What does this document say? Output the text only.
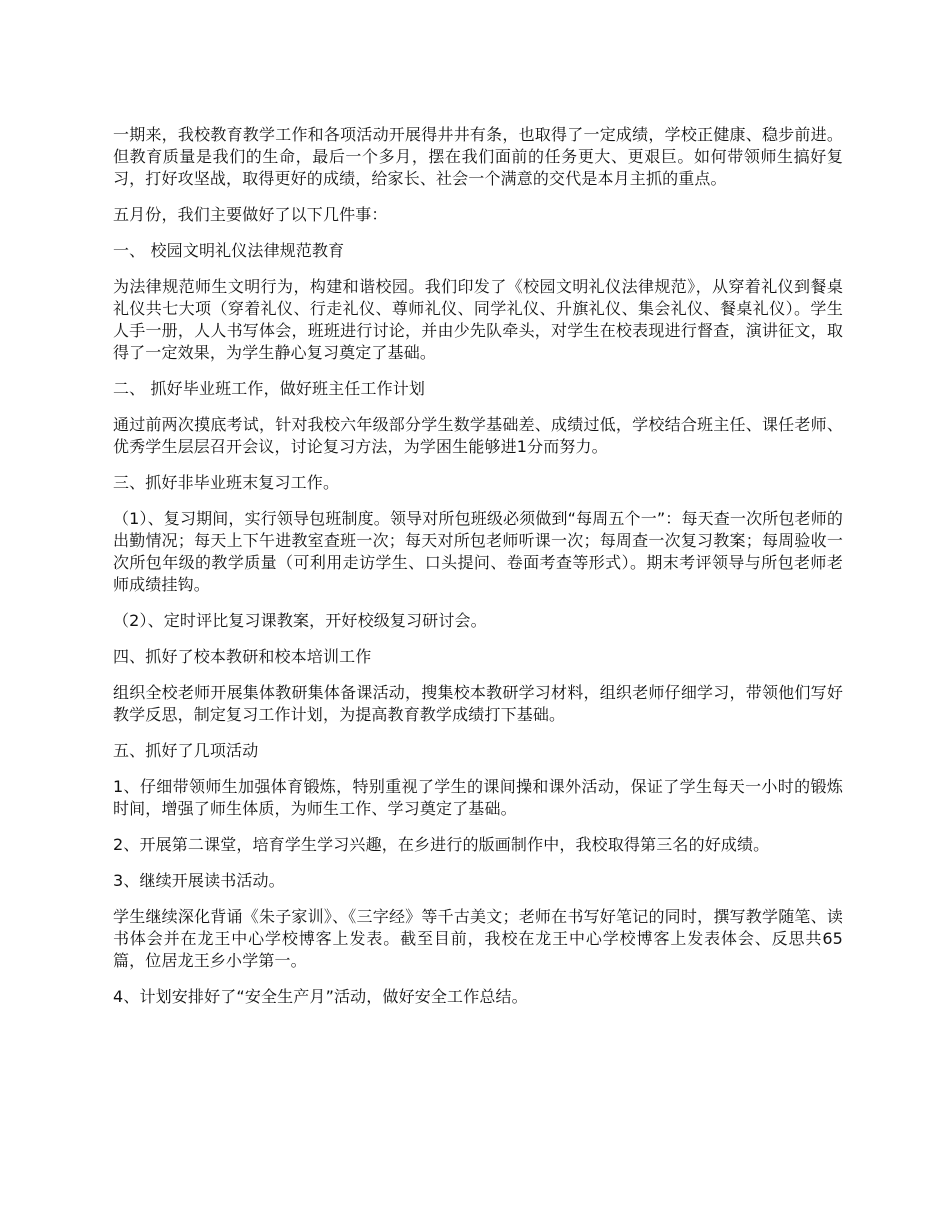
一期来，我校教育教学工作和各项活动开展得井井有条，也取得了一定成绩，学校正健康、稳步前进。但教育质量是我们的生命，最后一个多月，摆在我们面前的任务更大、更艰巨。如何带领师生搞好复习，打好攻坚战，取得更好的成绩，给家长、社会一个满意的交代是本月主抓的重点。

五月份，我们主要做好了以下几件事：

一、 校园文明礼仪法律规范教育

为法律规范师生文明行为，构建和谐校园。我们印发了《校园文明礼仪法律规范》，从穿着礼仪到餐桌礼仪共七大项（穿着礼仪、行走礼仪、尊师礼仪、同学礼仪、升旗礼仪、集会礼仪、餐桌礼仪）。学生人手一册，人人书写体会，班班进行讨论，并由少先队牵头，对学生在校表现进行督查，演讲征文，取得了一定效果，为学生静心复习奠定了基础。

二、 抓好毕业班工作，做好班主任工作计划

通过前两次摸底考试，针对我校六年级部分学生数学基础差、成绩过低，学校结合班主任、课任老师、优秀学生层层召开会议，讨论复习方法，为学困生能够进1分而努力。

三、抓好非毕业班末复习工作。

（1）、复习期间，实行领导包班制度。领导对所包班级必须做到“每周五个一”：每天查一次所包老师的出勤情况；每天上下午进教室查班一次；每天对所包老师听课一次；每周查一次复习教案；每周验收一次所包年级的教学质量（可利用走访学生、口头提问、卷面考查等形式）。期末考评领导与所包老师老师成绩挂钩。

（2）、定时评比复习课教案，开好校级复习研讨会。

四、抓好了校本教研和校本培训工作

组织全校老师开展集体教研集体备课活动，搜集校本教研学习材料，组织老师仔细学习，带领他们写好教学反思，制定复习工作计划，为提高教育教学成绩打下基础。

五、抓好了几项活动

1、仔细带领师生加强体育锻炼，特别重视了学生的课间操和课外活动，保证了学生每天一小时的锻炼时间，增强了师生体质，为师生工作、学习奠定了基础。

2、开展第二课堂，培育学生学习兴趣，在乡进行的版画制作中，我校取得第三名的好成绩。

3、继续开展读书活动。

学生继续深化背诵《朱子家训》、《三字经》等千古美文；老师在书写好笔记的同时，撰写教学随笔、读书体会并在龙王中心学校博客上发表。截至目前，我校在龙王中心学校博客上发表体会、反思共65篇，位居龙王乡小学第一。

4、计划安排好了“安全生产月”活动，做好安全工作总结。
